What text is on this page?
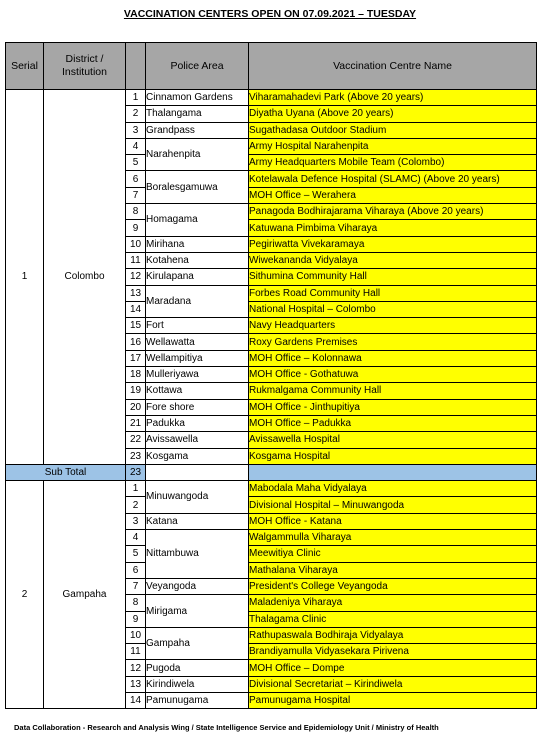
VACCINATION CENTERS OPEN ON 07.09.2021 – TUESDAY
Serial	District / Institution		Police Area	Vaccination Centre Name
1	Colombo	1	Cinnamon Gardens	Viharamahadevi Park (Above 20 years)
		2	Thalangama	Diyatha Uyana (Above 20 years)
		3	Grandpass	Sugathadasa Outdoor Stadium
		4	Narahenpita	Army Hospital Narahenpita
		5		Army Headquarters Mobile Team (Colombo)
		6	Boralesgamuwa	Kotelawala Defence Hospital (SLAMC) (Above 20 years)
		7		MOH Office – Werahera
		8	Homagama	Panagoda Bodhirajarama Viharaya (Above 20 years)
		9		Katuwana Pimbima Viharaya
		10	Mirihana	Pegiriwatta Vivekaramaya
		11	Kotahena	Wiwekananda Vidyalaya
		12	Kirulapana	Sithumina Community Hall
		13	Maradana	Forbes Road Community Hall
		14		National Hospital – Colombo
		15	Fort	Navy Headquarters
		16	Wellawatta	Roxy Gardens Premises
		17	Wellampitiya	MOH Office – Kolonnawa
		18	Mulleriyawa	MOH Office - Gothatuwa
		19	Kottawa	Rukmalgama Community Hall
		20	Fore shore	MOH Office - Jinthupitiya
		21	Padukka	MOH Office – Padukka
		22	Avissawella	Avissawella Hospital
		23	Kosgama	Kosgama Hospital
Sub Total		23		
2	Gampaha	1	Minuwangoda	Mabodala Maha Vidyalaya
		2		Divisional Hospital – Minuwangoda
		3	Katana	MOH Office - Katana
		4	Nittambuwa	Walgammulla Viharaya
		5		Meewitiya Clinic
		6		Mathalana Viharaya
		7	Veyangoda	President's College Veyangoda
		8	Mirigama	Maladeniya Viharaya
		9		Thalagama Clinic
		10	Gampaha	Rathupaswala Bodhiraja Vidyalaya
		11		Brandiyamulla Vidyasekara Pirivena
		12	Pugoda	MOH Office – Dompe
		13	Kirindiwela	Divisional Secretariat – Kirindiwela
		14	Pamunugama	Pamunugama Hospital
Data Collaboration - Research and Analysis Wing / State Intelligence Service and Epidemiology Unit / Ministry of Health
